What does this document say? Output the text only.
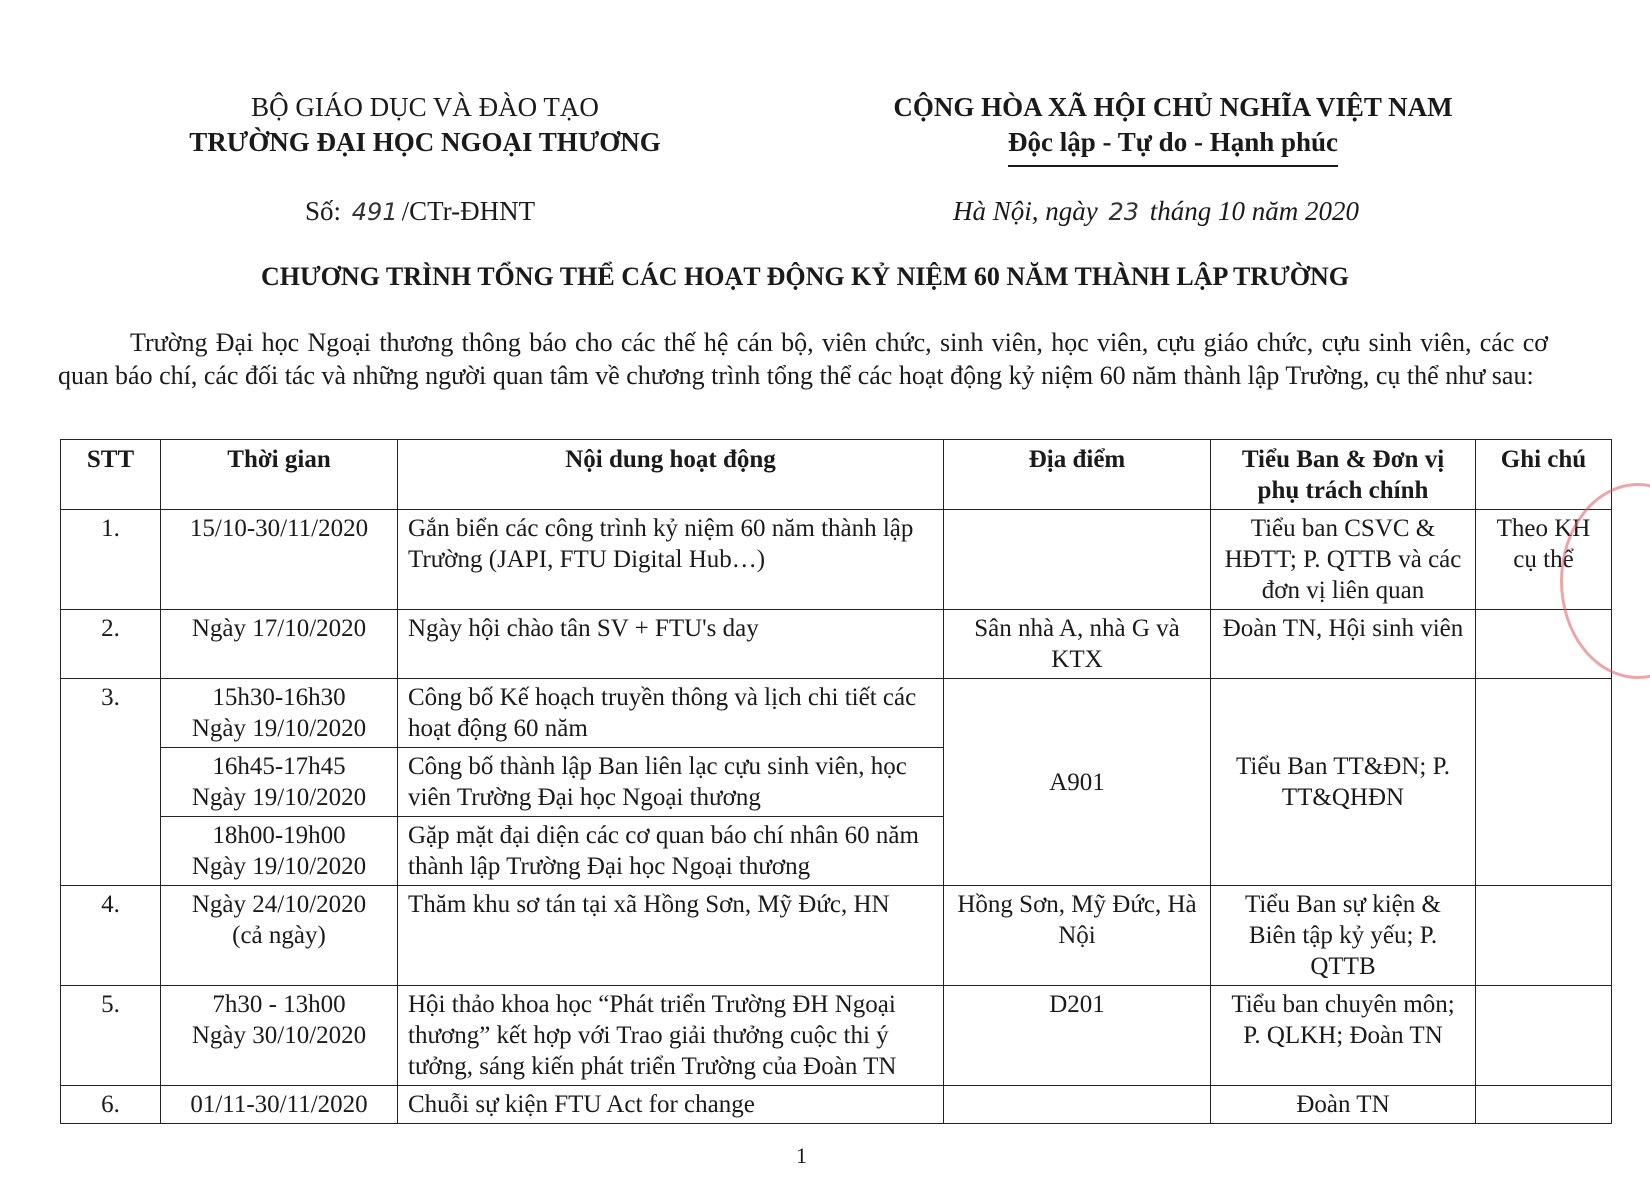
BỘ GIÁO DỤC VÀ ĐÀO TẠO
TRƯỜNG ĐẠI HỌC NGOẠI THƯƠNG
CỘNG HÒA XÃ HỘI CHỦ NGHĨA VIỆT NAM
Độc lập - Tự do - Hạnh phúc
Số: 491 /CTr-ĐHNT	Hà Nội, ngày 23 tháng 10 năm 2020
CHƯƠNG TRÌNH TỔNG THỂ CÁC HOẠT ĐỘNG KỶ NIỆM 60 NĂM THÀNH LẬP TRƯỜNG
Trường Đại học Ngoại thương thông báo cho các thế hệ cán bộ, viên chức, sinh viên, học viên, cựu giáo chức, cựu sinh viên, các cơ quan báo chí, các đối tác và những người quan tâm về chương trình tổng thể các hoạt động kỷ niệm 60 năm thành lập Trường, cụ thể như sau:
STT	Thời gian	Nội dung hoạt động	Địa điểm	Tiểu Ban & Đơn vị phụ trách chính	Ghi chú
1.	15/10-30/11/2020	Gắn biển các công trình kỷ niệm 60 năm thành lập Trường (JAPI, FTU Digital Hub…)		Tiểu ban CSVC & HĐTT; P. QTTB và các đơn vị liên quan	Theo KH cụ thể
2.	Ngày 17/10/2020	Ngày hội chào tân SV + FTU's day	Sân nhà A, nhà G và KTX	Đoàn TN, Hội sinh viên	
3.	15h30-16h30
Ngày 19/10/2020	Công bố Kế hoạch truyền thông và lịch chi tiết các hoạt động 60 năm	A901	Tiểu Ban TT&ĐN; P. TT&QHĐN	

	16h45-17h45
Ngày 19/10/2020	Công bố thành lập Ban liên lạc cựu sinh viên, học viên Trường Đại học Ngoại thương			

	18h00-19h00
Ngày 19/10/2020	Gặp mặt đại diện các cơ quan báo chí nhân 60 năm thành lập Trường Đại học Ngoại thương			
4.	Ngày 24/10/2020
(cả ngày)	Thăm khu sơ tán tại xã Hồng Sơn, Mỹ Đức, HN	Hồng Sơn, Mỹ Đức, Hà Nội	Tiểu Ban sự kiện & Biên tập kỷ yếu; P. QTTB	
5.	7h30 - 13h00
Ngày 30/10/2020	Hội thảo khoa học “Phát triển Trường ĐH Ngoại thương” kết hợp với Trao giải thưởng cuộc thi ý tưởng, sáng kiến phát triển Trường của Đoàn TN	D201	Tiểu ban chuyên môn; P. QLKH; Đoàn TN	
6.	01/11-30/11/2020	Chuỗi sự kiện FTU Act for change		Đoàn TN	
1
